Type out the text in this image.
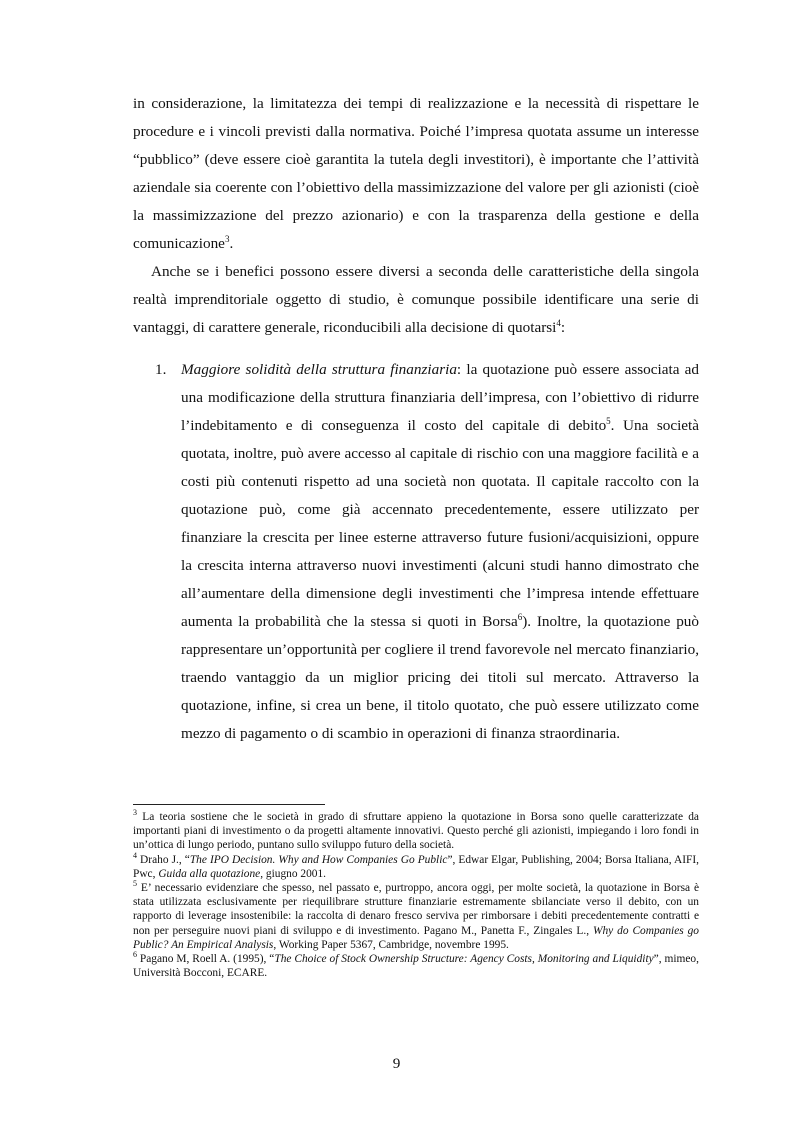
in considerazione, la limitatezza dei tempi di realizzazione e la necessità di rispettare le procedure e i vincoli previsti dalla normativa. Poiché l’impresa quotata assume un interesse “pubblico” (deve essere cioè garantita la tutela degli investitori), è importante che l’attività aziendale sia coerente con l’obiettivo della massimizzazione del valore per gli azionisti (cioè la massimizzazione del prezzo azionario) e con la trasparenza della gestione e della comunicazione$^3$.

Anche se i benefici possono essere diversi a seconda delle caratteristiche della singola realtà imprenditoriale oggetto di studio, è comunque possibile identificare una serie di vantaggi, di carattere generale, riconducibili alla decisione di quotarsi$^4$:

1. Maggiore solidità della struttura finanziaria: la quotazione può essere associata ad una modificazione della struttura finanziaria dell’impresa, con l’obiettivo di ridurre l’indebitamento e di conseguenza il costo del capitale di debito$^5$. Una società quotata, inoltre, può avere accesso al capitale di rischio con una maggiore facilità e a costi più contenuti rispetto ad una società non quotata. Il capitale raccolto con la quotazione può, come già accennato precedentemente, essere utilizzato per finanziare la crescita per linee esterne attraverso future fusioni/acquisizioni, oppure la crescita interna attraverso nuovi investimenti (alcuni studi hanno dimostrato che all’aumentare della dimensione degli investimenti che l’impresa intende effettuare aumenta la probabilità che la stessa si quoti in Borsa$^6$). Inoltre, la quotazione può rappresentare un’opportunità per cogliere il trend favorevole nel mercato finanziario, traendo vantaggio da un miglior pricing dei titoli sul mercato. Attraverso la quotazione, infine, si crea un bene, il titolo quotato, che può essere utilizzato come mezzo di pagamento o di scambio in operazioni di finanza straordinaria.

$^3$ La teoria sostiene che le società in grado di sfruttare appieno la quotazione in Borsa sono quelle caratterizzate da importanti piani di investimento o da progetti altamente innovativi. Questo perché gli azionisti, impiegando i loro fondi in un’ottica di lungo periodo, puntano sullo sviluppo futuro della società.

$^4$ Draho J., “The IPO Decision. Why and How Companies Go Public”, Edwar Elgar, Publishing, 2004; Borsa Italiana, AIFI, Pwc, Guida alla quotazione, giugno 2001.

$^5$ E’ necessario evidenziare che spesso, nel passato e, purtroppo, ancora oggi, per molte società, la quotazione in Borsa è stata utilizzata esclusivamente per riequilibrare strutture finanziarie estremamente sbilanciate verso il debito, con un rapporto di leverage insostenibile: la raccolta di denaro fresco serviva per rimborsare i debiti precedentemente contratti e non per perseguire nuovi piani di sviluppo e di investimento. Pagano M., Panetta F., Zingales L., Why do Companies go Public? An Empirical Analysis, Working Paper 5367, Cambridge, novembre 1995.

$^6$ Pagano M, Roell A. (1995), “The Choice of Stock Ownership Structure: Agency Costs, Monitoring and Liquidity”, mimeo, Università Bocconi, ECARE.

9
